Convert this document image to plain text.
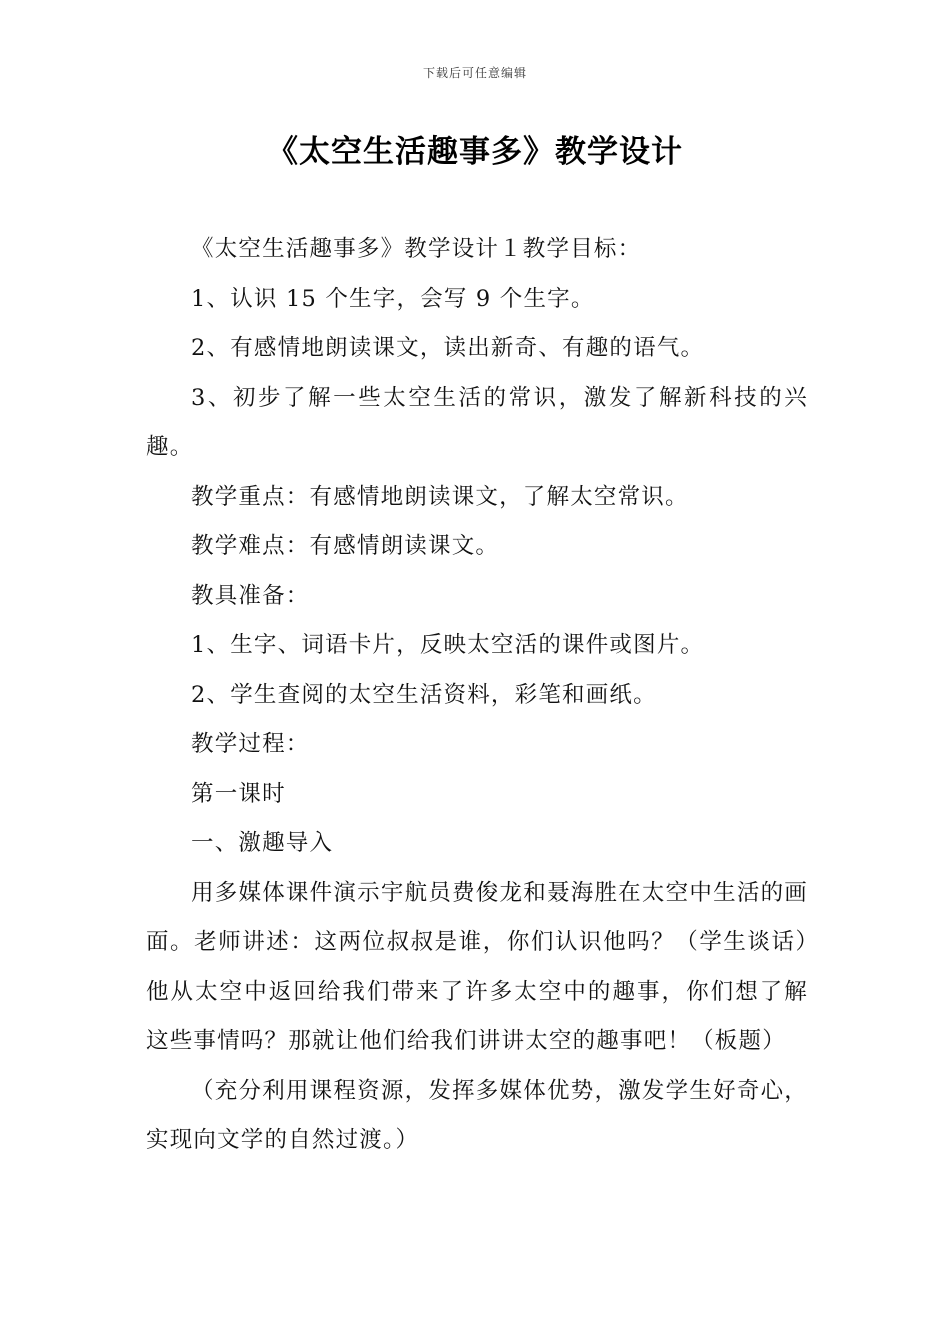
下载后可任意编辑
《太空生活趣事多》教学设计

《太空生活趣事多》教学设计１教学目标：

1、认识 15 个生字，会写 9 个生字。

2、有感情地朗读课文，读出新奇、有趣的语气。

3、初步了解一些太空生活的常识，激发了解新科技的兴趣。

教学重点：有感情地朗读课文，了解太空常识。

教学难点：有感情朗读课文。

教具准备：

1、生字、词语卡片，反映太空活的课件或图片。

2、学生查阅的太空生活资料，彩笔和画纸。

教学过程：

第一课时

一、激趣导入

用多媒体课件演示宇航员费俊龙和聂海胜在太空中生活的画面。老师讲述：这两位叔叔是谁，你们认识他吗？（学生谈话）他从太空中返回给我们带来了许多太空中的趣事，你们想了解这些事情吗？那就让他们给我们讲讲太空的趣事吧！（板题）

（充分利用课程资源，发挥多媒体优势，激发学生好奇心，实现向文学的自然过渡。）
